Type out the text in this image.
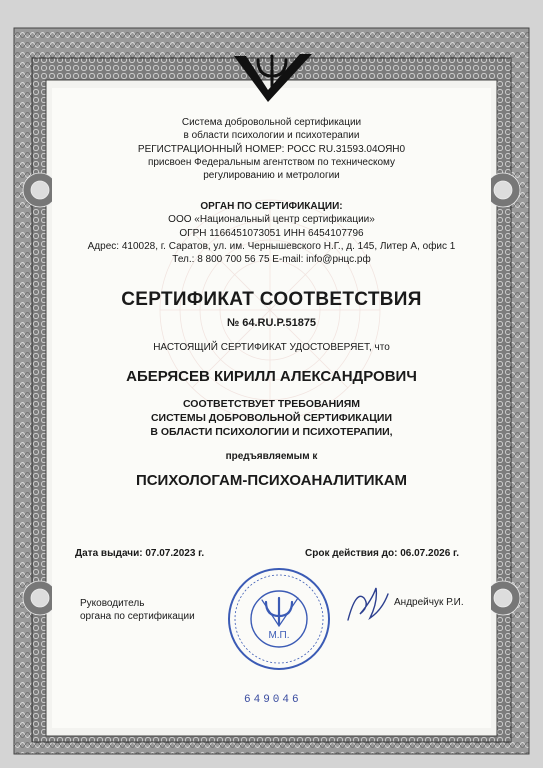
Система добровольной сертификации
в области психологии и психотерапии
РЕГИСТРАЦИОННЫЙ НОМЕР: РОСС RU.31593.04ОЯН0
присвоен Федеральным агентством по техническому
регулированию и метрологии
ОРГАН ПО СЕРТИФИКАЦИИ:
ООО «Национальный центр сертификации»
ОГРН 1166451073051 ИНН 6454107796
Адрес: 410028, г. Саратов, ул. им. Чернышевского Н.Г., д. 145, Литер А, офис 1
Тел.: 8 800 700 56 75 E-mail: info@рнцс.рф
СЕРТИФИКАТ СООТВЕТСТВИЯ
№ 64.RU.P.51875
НАСТОЯЩИЙ СЕРТИФИКАТ УДОСТОВЕРЯЕТ, что
АБЕРЯСЕВ КИРИЛЛ АЛЕКСАНДРОВИЧ
СООТВЕТСТВУЕТ ТРЕБОВАНИЯМ
СИСТЕМЫ ДОБРОВОЛЬНОЙ СЕРТИФИКАЦИИ
В ОБЛАСТИ ПСИХОЛОГИИ И ПСИХОТЕРАПИИ,
предъявляемым к
ПСИХОЛОГАМ-ПСИХОАНАЛИТИКАМ
Дата выдачи: 07.07.2023 г.	Срок действия до: 06.07.2026 г.
Руководитель
органа по сертификации
Андрейчук Р.И.
М.П.
649046
